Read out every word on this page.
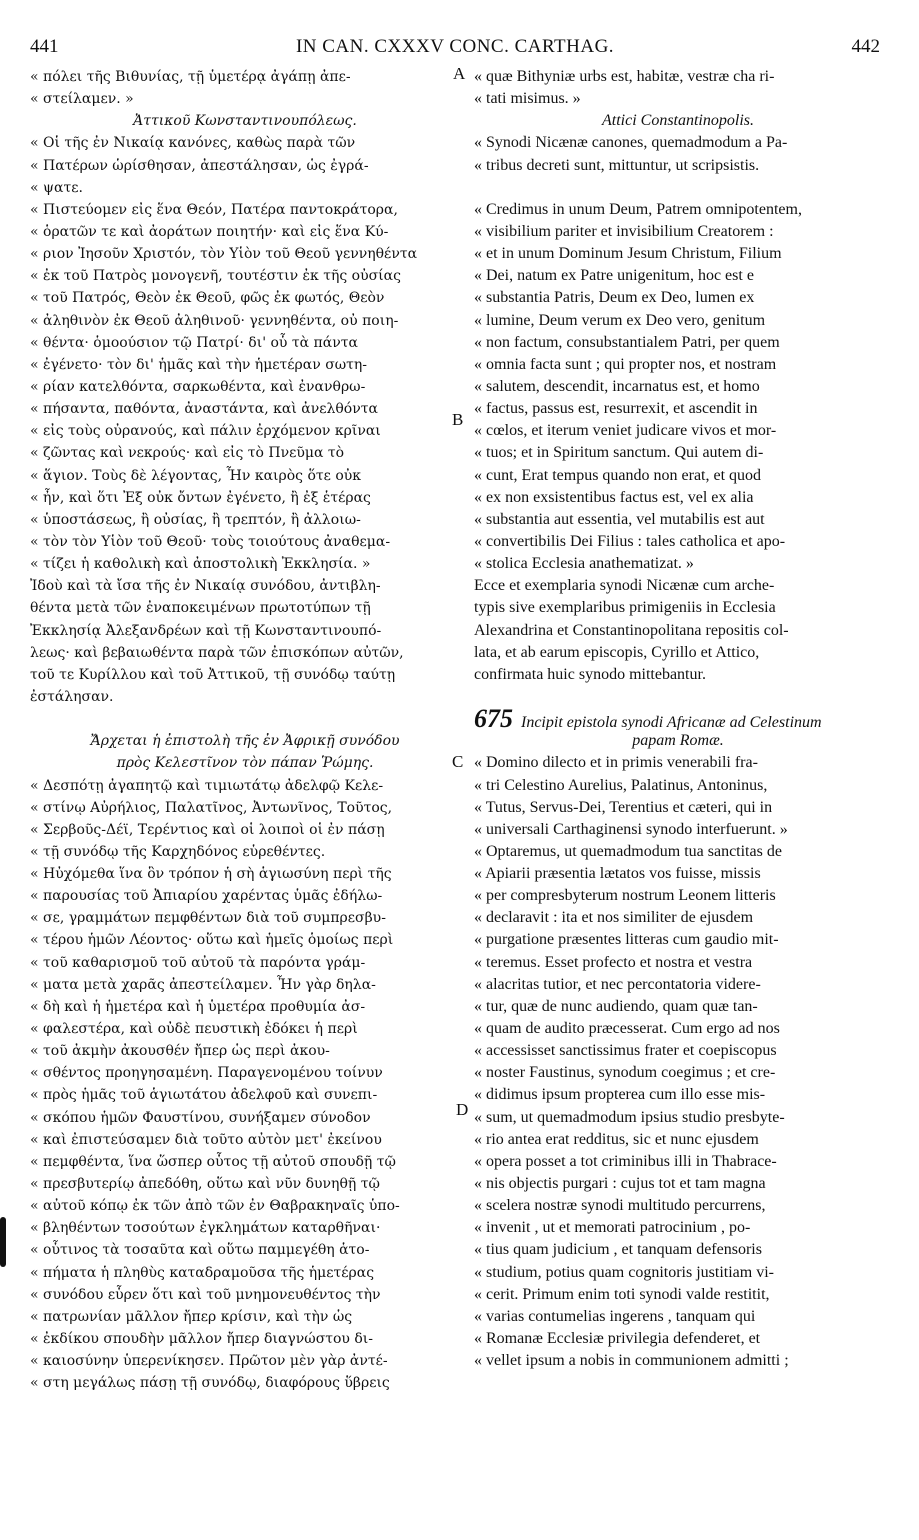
441	IN CAN. CXXXV CONC. CARTHAG.	442
A
B
C
D
« πόλει τῆς Βιθυνίας, τῇ ὑμετέρᾳ ἀγάπῃ ἀπε-
« στείλαμεν. »
Ἀττικοῦ Κωνσταντινουπόλεως.
« Οἱ τῆς ἐν Νικαίᾳ κανόνες, καθὼς παρὰ τῶν
« Πατέρων ὡρίσθησαν, ἀπεστάλησαν, ὡς ἐγρά-
« ψατε.
« Πιστεύομεν εἰς ἕνα Θεόν, Πατέρα παντοκράτορα,
« ὁρατῶν τε καὶ ἀοράτων ποιητήν· καὶ εἰς ἕνα Κύ-
« ριον Ἰησοῦν Χριστόν, τὸν Υἱὸν τοῦ Θεοῦ γεννηθέντα
« ἐκ τοῦ Πατρὸς μονογενῆ, τουτέστιν ἐκ τῆς οὐσίας
« τοῦ Πατρός, Θεὸν ἐκ Θεοῦ, φῶς ἐκ φωτός, Θεὸν
« ἀληθινὸν ἐκ Θεοῦ ἀληθινοῦ· γεννηθέντα, οὐ ποιη-
« θέντα· ὁμοούσιον τῷ Πατρί· δι' οὗ τὰ πάντα
« ἐγένετο· τὸν δι' ἡμᾶς καὶ τὴν ἡμετέραν σωτη-
« ρίαν κατελθόντα, σαρκωθέντα, καὶ ἐνανθρω-
« πήσαντα, παθόντα, ἀναστάντα, καὶ ἀνελθόντα
« εἰς τοὺς οὐρανούς, καὶ πάλιν ἐρχόμενον κρῖναι
« ζῶντας καὶ νεκρούς· καὶ εἰς τὸ Πνεῦμα τὸ
« ἅγιον. Τοὺς δὲ λέγοντας, Ἦν καιρὸς ὅτε οὐκ
« ἦν, καὶ ὅτι Ἐξ οὐκ ὄντων ἐγένετο, ἢ ἐξ ἑτέρας
« ὑποστάσεως, ἢ οὐσίας, ἢ τρεπτόν, ἢ ἀλλοιω-
« τὸν τὸν Υἱὸν τοῦ Θεοῦ· τοὺς τοιούτους ἀναθεμα-
« τίζει ἡ καθολικὴ καὶ ἀποστολικὴ Ἐκκλησία. »
Ἰδοὺ καὶ τὰ ἴσα τῆς ἐν Νικαίᾳ συνόδου, ἀντιβλη-
θέντα μετὰ τῶν ἐναποκειμένων πρωτοτύπων τῇ
Ἐκκλησίᾳ Ἀλεξανδρέων καὶ τῇ Κωνσταντινουπό-
λεως· καὶ βεβαιωθέντα παρὰ τῶν ἐπισκόπων αὐτῶν,
τοῦ τε Κυρίλλου καὶ τοῦ Ἀττικοῦ, τῇ συνόδῳ ταύτῃ
ἐστάλησαν.
Ἄρχεται ἡ ἐπιστολὴ τῆς ἐν Ἀφρικῇ συνόδου
πρὸς Κελεστῖνον τὸν πάπαν Ῥώμης.
« Δεσπότῃ ἀγαπητῷ καὶ τιμιωτάτῳ ἀδελφῷ Κελε-
« στίνῳ Αὐρήλιος, Παλατῖνος, Ἀντωνῖνος, Τοῦτος,
« Σερβοῦς-Δέϊ, Τερέντιος καὶ οἱ λοιποὶ οἱ ἐν πάσῃ
« τῇ συνόδῳ τῆς Καρχηδόνος εὑρεθέντες.
« Ηὐχόμεθα ἵνα ὃν τρόπον ἡ σὴ ἁγιωσύνη περὶ τῆς
« παρουσίας τοῦ Ἀπιαρίου χαρέντας ὑμᾶς ἐδήλω-
« σε, γραμμάτων πεμφθέντων διὰ τοῦ συμπρεσβυ-
« τέρου ἡμῶν Λέοντος· οὕτω καὶ ἡμεῖς ὁμοίως περὶ
« τοῦ καθαρισμοῦ τοῦ αὐτοῦ τὰ παρόντα γράμ-
« ματα μετὰ χαρᾶς ἀπεστείλαμεν. Ἦν γὰρ δηλα-
« δὴ καὶ ἡ ἡμετέρα καὶ ἡ ὑμετέρα προθυμία ἀσ-
« φαλεστέρα, καὶ οὐδὲ πευστικὴ ἐδόκει ἡ περὶ
« τοῦ ἀκμὴν ἀκουσθέν ἤπερ ὡς περὶ ἀκου-
« σθέντος προηγησαμένη. Παραγενομένου τοίνυν
« πρὸς ἡμᾶς τοῦ ἁγιωτάτου ἀδελφοῦ καὶ συνεπι-
« σκόπου ἡμῶν Φαυστίνου, συνήξαμεν σύνοδον
« καὶ ἐπιστεύσαμεν διὰ τοῦτο αὐτὸν μετ' ἐκείνου
« πεμφθέντα, ἵνα ὥσπερ οὗτος τῇ αὐτοῦ σπουδῇ τῷ
« πρεσβυτερίῳ ἀπεδόθη, οὕτω καὶ νῦν δυνηθῇ τῷ
« αὐτοῦ κόπῳ ἐκ τῶν ἀπὸ τῶν ἐν Θαβρακηναῖς ὑπο-
« βληθέντων τοσούτων ἐγκλημάτων καταρθῆναι·
« οὗτινος τὰ τοσαῦτα καὶ οὕτω παμμεγέθη ἁτο-
« πήματα ἡ πληθὺς καταδραμοῦσα τῆς ἡμετέρας
« συνόδου εὗρεν ὅτι καὶ τοῦ μνημονευθέντος τὴν
« πατρωνίαν μᾶλλον ἤπερ κρίσιν, καὶ τὴν ὡς
« ἐκδίκου σπουδὴν μᾶλλον ἤπερ διαγνώστου δι-
« καιοσύνην ὑπερενίκησεν. Πρῶτον μὲν γὰρ ἀντέ-
« στη μεγάλως πάσῃ τῇ συνόδῳ, διαφόρους ὕβρεις
« quæ Bithyniæ urbs est, habitæ, vestræ cha ri-
« tati misimus. »
Attici Constantinopolis.
« Synodi Nicænæ canones, quemadmodum a Pa-
« tribus decreti sunt, mittuntur, ut scripsistis.
« Credimus in unum Deum, Patrem omnipotentem,
« visibilium pariter et invisibilium Creatorem :
« et in unum Dominum Jesum Christum, Filium
« Dei, natum ex Patre unigenitum, hoc est e
« substantia Patris, Deum ex Deo, lumen ex
« lumine, Deum verum ex Deo vero, genitum
« non factum, consubstantialem Patri, per quem
« omnia facta sunt ; qui propter nos, et nostram
« salutem, descendit, incarnatus est, et homo
« factus, passus est, resurrexit, et ascendit in
« cœlos, et iterum veniet judicare vivos et mor-
« tuos; et in Spiritum sanctum. Qui autem di-
« cunt, Erat tempus quando non erat, et quod
« ex non exsistentibus factus est, vel ex alia
« substantia aut essentia, vel mutabilis est aut
« convertibilis Dei Filius : tales catholica et apo-
« stolica Ecclesia anathematizat. »
Ecce et exemplaria synodi Nicænæ cum arche-
typis sive exemplaribus primigeniis in Ecclesia
Alexandrina et Constantinopolitana repositis col-
lata, et ab earum episcopis, Cyrillo et Attico,
confirmata huic synodo mittebantur.
675 Incipit epistola synodi Africanæ ad Celestinum
papam Romæ.
« Domino dilecto et in primis venerabili fra-
« tri Celestino Aurelius, Palatinus, Antoninus,
« Tutus, Servus-Dei, Terentius et cæteri, qui in
« universali Carthaginensi synodo interfuerunt. »
« Optaremus, ut quemadmodum tua sanctitas de
« Apiarii præsentia lætatos vos fuisse, missis
« per compresbyterum nostrum Leonem litteris
« declaravit : ita et nos similiter de ejusdem
« purgatione præsentes litteras cum gaudio mit-
« teremus. Esset profecto et nostra et vestra
« alacritas tutior, et nec percontatoria videre-
« tur, quæ de nunc audiendo, quam quæ tan-
« quam de audito præcesserat. Cum ergo ad nos
« accessisset sanctissimus frater et coepiscopus
« noster Faustinus, synodum coegimus ; et cre-
« didimus ipsum propterea cum illo esse mis-
« sum, ut quemadmodum ipsius studio presbyte-
« rio antea erat redditus, sic et nunc ejusdem
« opera posset a tot criminibus illi in Thabrace-
« nis objectis purgari : cujus tot et tam magna
« scelera nostræ synodi multitudo percurrens,
« invenit , ut et memorati patrocinium , po-
« tius quam judicium , et tanquam defensoris
« studium, potius quam cognitoris justitiam vi-
« cerit. Primum enim toti synodi valde restitit,
« varias contumelias ingerens , tanquam qui
« Romanæ Ecclesiæ privilegia defenderet, et
« vellet ipsum a nobis in communionem admitti ;
